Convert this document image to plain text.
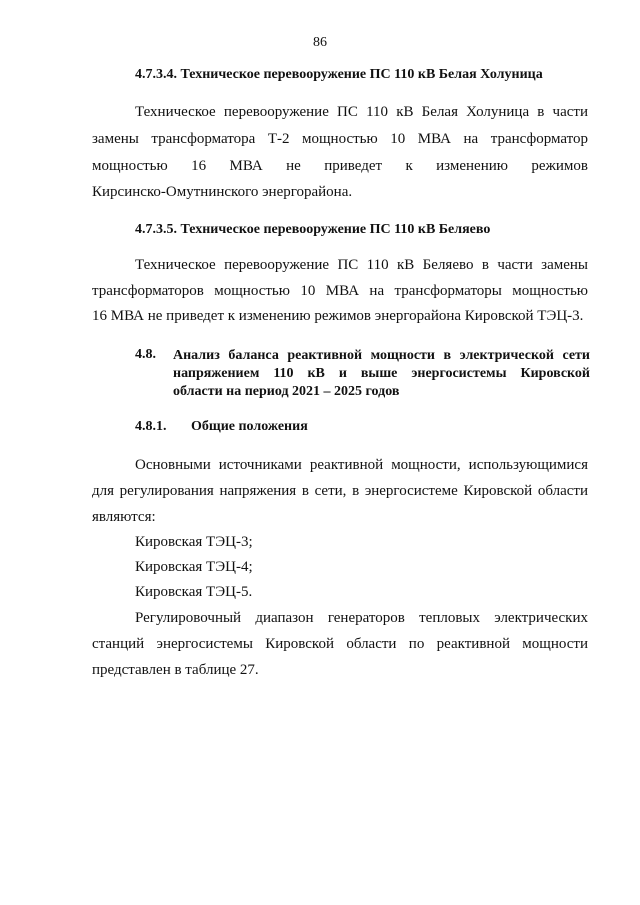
86
4.7.3.4. Техническое перевооружение ПС 110 кВ Белая Холуница
Техническое перевооружение ПС 110 кВ Белая Холуница в части
замены трансформатора Т-2 мощностью 10 МВА на трансформатор
мощностью 16 МВА не приведет к изменению режимов
Кирсинско-Омутнинского энергорайона.
4.7.3.5. Техническое перевооружение ПС 110 кВ Беляево
Техническое перевооружение ПС 110 кВ Беляево в части замены
трансформаторов мощностью 10 МВА на трансформаторы мощностью
16 МВА не приведет к изменению режимов энергорайона Кировской ТЭЦ-3.
4.8. Анализ баланса реактивной мощности в электрической сети
напряжением 110 кВ и выше энергосистемы Кировской
области на период 2021 – 2025 годов
4.8.1. Общие положения
Основными источниками реактивной мощности, использующимися
для регулирования напряжения в сети, в энергосистеме Кировской области
являются:
Кировская ТЭЦ-3;
Кировская ТЭЦ-4;
Кировская ТЭЦ-5.
Регулировочный диапазон генераторов тепловых электрических
станций энергосистемы Кировской области по реактивной мощности
представлен в таблице 27.
